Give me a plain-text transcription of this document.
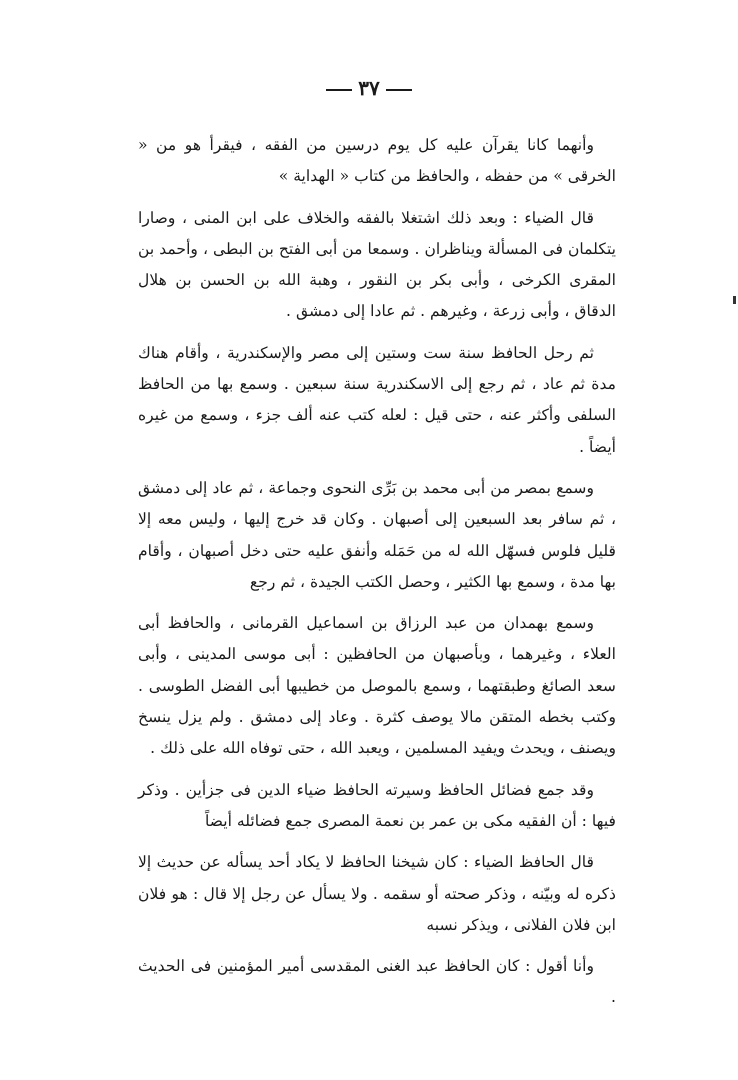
٣٧

وأنهما كانا يقرآن عليه كل يوم درسين من الفقه ، فيقرأ هو من « الخرقى » من حفظه ، والحافظ من كتاب « الهداية »

قال الضياء : وبعد ذلك اشتغلا بالفقه والخلاف على ابن المنى ، وصارا يتكلمان فى المسألة ويناظران . وسمعا من أبى الفتح بن البطى ، وأحمد بن المقرى الكرخى ، وأبى بكر بن النقور ، وهبة الله بن الحسن بن هلال الدقاق ، وأبى زرعة ، وغيرهم . ثم عادا إلى دمشق .

ثم رحل الحافظ سنة ست وستين إلى مصر والإسكندرية ، وأقام هناك مدة ثم عاد ، ثم رجع إلى الاسكندرية سنة سبعين . وسمع بها من الحافظ السلفى وأكثر عنه ، حتى قيل : لعله كتب عنه ألف جزء ، وسمع من غيره أيضاً .

وسمع بمصر من أبى محمد بن بَرِّى النحوى وجماعة ، ثم عاد إلى دمشق ، ثم سافر بعد السبعين إلى أصبهان . وكان قد خرج إليها ، وليس معه إلا قليل فلوس فسهّل الله له من حَمَله وأنفق عليه حتى دخل أصبهان ، وأقام بها مدة ، وسمع بها الكثير ، وحصل الكتب الجيدة ، ثم رجع

وسمع بهمدان من عبد الرزاق بن اسماعيل القرمانى ، والحافظ أبى العلاء ، وغيرهما ، وبأصبهان من الحافظين : أبى موسى المدينى ، وأبى سعد الصائغ وطبقتهما ، وسمع بالموصل من خطيبها أبى الفضل الطوسى . وكتب بخطه المتقن مالا يوصف كثرة . وعاد إلى دمشق . ولم يزل ينسخ ويصنف ، ويحدث ويفيد المسلمين ، ويعبد الله ، حتى توفاه الله على ذلك .

وقد جمع فضائل الحافظ وسيرته الحافظ ضياء الدين فى جزأين . وذكر فيها : أن الفقيه مكى بن عمر بن نعمة المصرى جمع فضائله أيضاً

قال الحافظ الضياء : كان شيخنا الحافظ لا يكاد أحد يسأله عن حديث إلا ذكره له وبيّنه ، وذكر صحته أو سقمه . ولا يسأل عن رجل إلا قال : هو فلان ابن فلان الفلانى ، ويذكر نسبه

وأنا أقول : كان الحافظ عبد الغنى المقدسى أمير المؤمنين فى الحديث .
